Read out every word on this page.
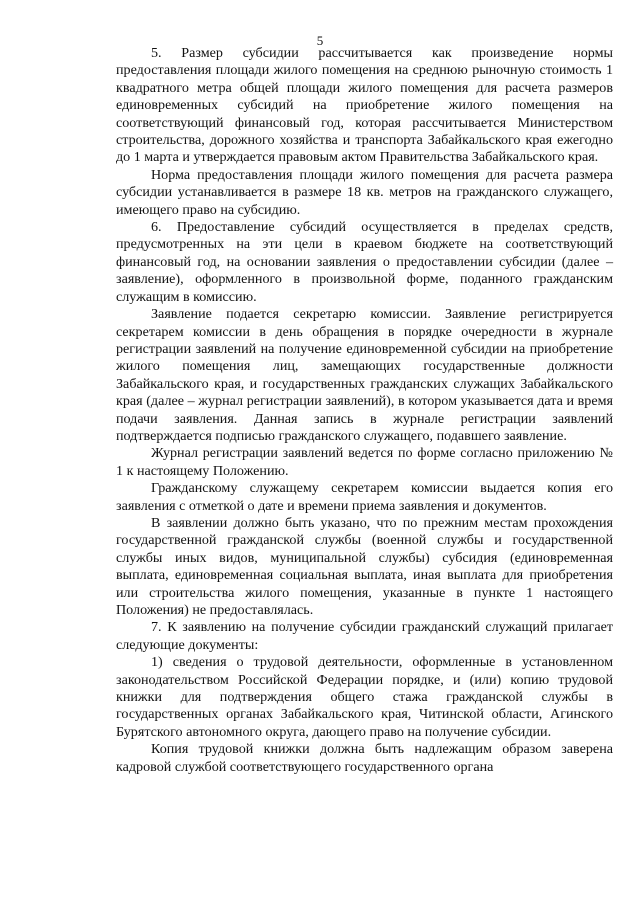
5

5. Размер субсидии рассчитывается как произведение нормы предоставления площади жилого помещения на среднюю рыночную стоимость 1 квадратного метра общей площади жилого помещения для расчета размеров единовременных субсидий на приобретение жилого помещения на соответствующий финансовый год, которая рассчитывается Министерством строительства, дорожного хозяйства и транспорта Забайкальского края ежегодно до 1 марта и утверждается правовым актом Правительства Забайкальского края.

Норма предоставления площади жилого помещения для расчета размера субсидии устанавливается в размере 18 кв. метров на гражданского служащего, имеющего право на субсидию.

6. Предоставление субсидий осуществляется в пределах средств, предусмотренных на эти цели в краевом бюджете на соответствующий финансовый год, на основании заявления о предоставлении субсидии (далее – заявление), оформленного в произвольной форме, поданного гражданским служащим в комиссию.

Заявление подается секретарю комиссии. Заявление регистрируется секретарем комиссии в день обращения в порядке очередности в журнале регистрации заявлений на получение единовременной субсидии на приобретение жилого помещения лиц, замещающих государственные должности Забайкальского края, и государственных гражданских служащих Забайкальского края (далее – журнал регистрации заявлений), в котором указывается дата и время подачи заявления. Данная запись в журнале регистрации заявлений подтверждается подписью гражданского служащего, подавшего заявление.

Журнал регистрации заявлений ведется по форме согласно приложению № 1 к настоящему Положению.

Гражданскому служащему секретарем комиссии выдается копия его заявления с отметкой о дате и времени приема заявления и документов.

В заявлении должно быть указано, что по прежним местам прохождения государственной гражданской службы (военной службы и государственной службы иных видов, муниципальной службы) субсидия (единовременная выплата, единовременная социальная выплата, иная выплата для приобретения или строительства жилого помещения, указанные в пункте 1 настоящего Положения) не предоставлялась.

7. К заявлению на получение субсидии гражданский служащий прилагает следующие документы:

1) сведения о трудовой деятельности, оформленные в установленном законодательством Российской Федерации порядке, и (или) копию трудовой книжки для подтверждения общего стажа гражданской службы в государственных органах Забайкальского края, Читинской области, Агинского Бурятского автономного округа, дающего право на получение субсидии.

Копия трудовой книжки должна быть надлежащим образом заверена кадровой службой соответствующего государственного органа
